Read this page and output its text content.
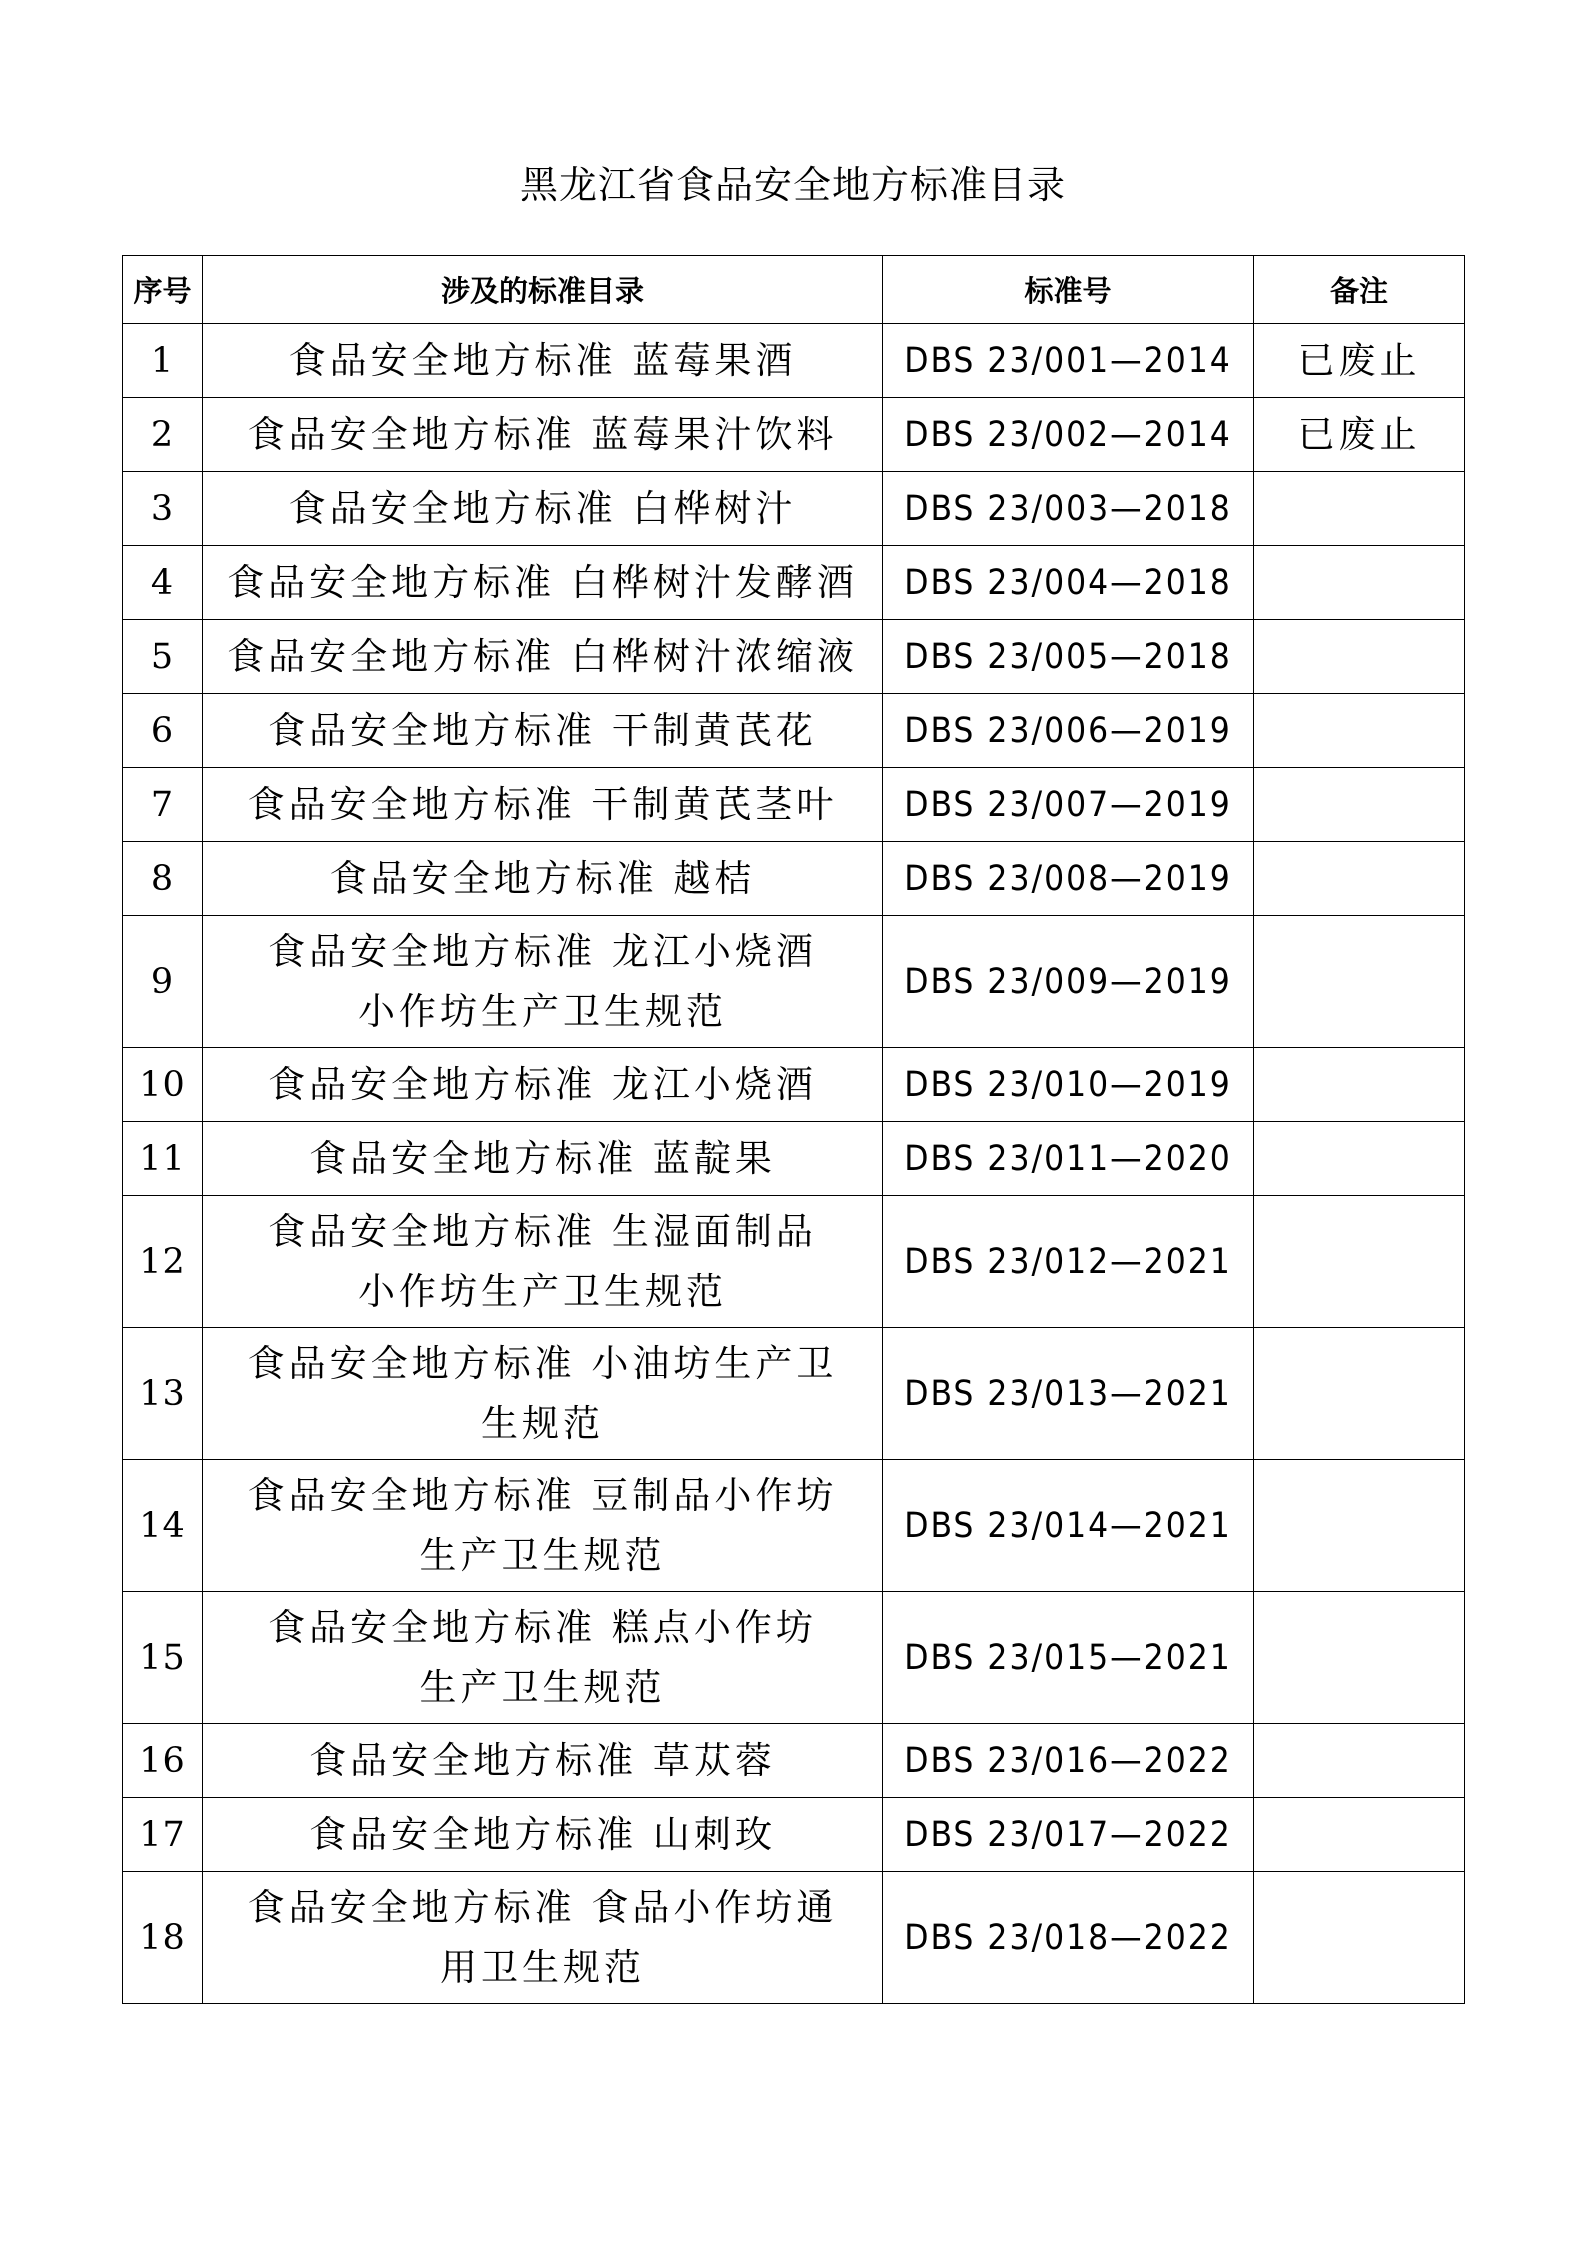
黑龙江省食品安全地方标准目录
序号	涉及的标准目录	标准号	备注
1	食品安全地方标准 蓝莓果酒	DBS 23/001—2014	已废止
2	食品安全地方标准 蓝莓果汁饮料	DBS 23/002—2014	已废止
3	食品安全地方标准 白桦树汁	DBS 23/003—2018	
4	食品安全地方标准 白桦树汁发酵酒	DBS 23/004—2018	
5	食品安全地方标准 白桦树汁浓缩液	DBS 23/005—2018	
6	食品安全地方标准 干制黄芪花	DBS 23/006—2019	
7	食品安全地方标准 干制黄芪茎叶	DBS 23/007—2019	
8	食品安全地方标准 越桔	DBS 23/008—2019	
9	食品安全地方标准 龙江小烧酒
小作坊生产卫生规范	DBS 23/009—2019	
10	食品安全地方标准 龙江小烧酒	DBS 23/010—2019	
11	食品安全地方标准 蓝靛果	DBS 23/011—2020	
12	食品安全地方标准 生湿面制品
小作坊生产卫生规范	DBS 23/012—2021	
13	食品安全地方标准 小油坊生产卫
生规范	DBS 23/013—2021	
14	食品安全地方标准 豆制品小作坊
生产卫生规范	DBS 23/014—2021	
15	食品安全地方标准 糕点小作坊
生产卫生规范	DBS 23/015—2021	
16	食品安全地方标准 草苁蓉	DBS 23/016—2022	
17	食品安全地方标准 山刺玫	DBS 23/017—2022	
18	食品安全地方标准 食品小作坊通
用卫生规范	DBS 23/018—2022	
